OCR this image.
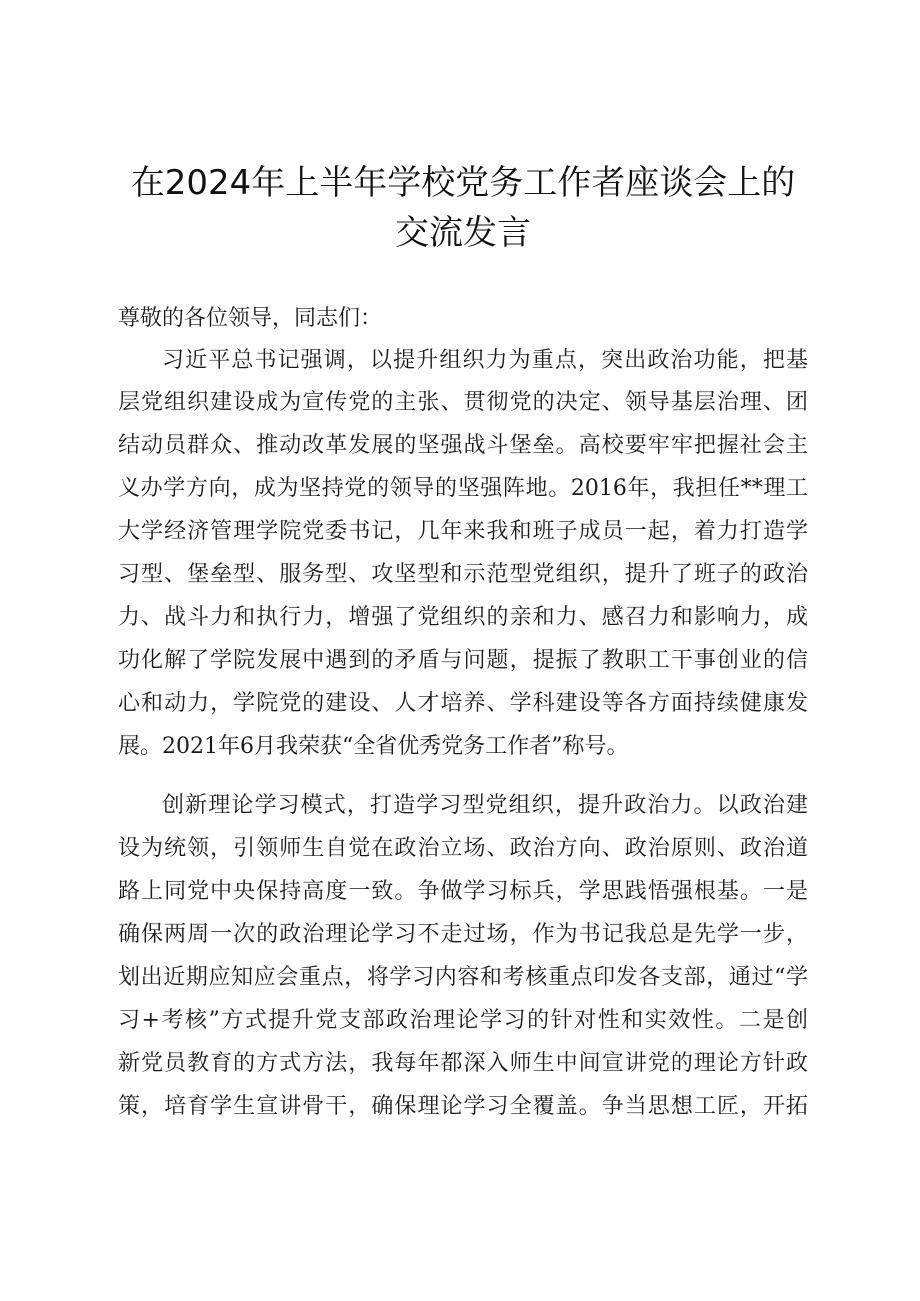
在2024年上半年学校党务工作者座谈会上的
交流发言
尊敬的各位领导，同志们：
习近平总书记强调，以提升组织力为重点，突出政治功能，把基
层党组织建设成为宣传党的主张、贯彻党的决定、领导基层治理、团
结动员群众、推动改革发展的坚强战斗堡垒。高校要牢牢把握社会主
义办学方向，成为坚持党的领导的坚强阵地。2016年，我担任**理工
大学经济管理学院党委书记，几年来我和班子成员一起，着力打造学
习型、堡垒型、服务型、攻坚型和示范型党组织，提升了班子的政治
力、战斗力和执行力，增强了党组织的亲和力、感召力和影响力，成
功化解了学院发展中遇到的矛盾与问题，提振了教职工干事创业的信
心和动力，学院党的建设、人才培养、学科建设等各方面持续健康发
展。2021年6月我荣获“全省优秀党务工作者”称号。
创新理论学习模式，打造学习型党组织，提升政治力。以政治建
设为统领，引领师生自觉在政治立场、政治方向、政治原则、政治道
路上同党中央保持高度一致。争做学习标兵，学思践悟强根基。一是
确保两周一次的政治理论学习不走过场，作为书记我总是先学一步，
划出近期应知应会重点，将学习内容和考核重点印发各支部，通过“学
习+考核”方式提升党支部政治理论学习的针对性和实效性。二是创
新党员教育的方式方法，我每年都深入师生中间宣讲党的理论方针政
策，培育学生宣讲骨干，确保理论学习全覆盖。争当思想工匠，开拓
